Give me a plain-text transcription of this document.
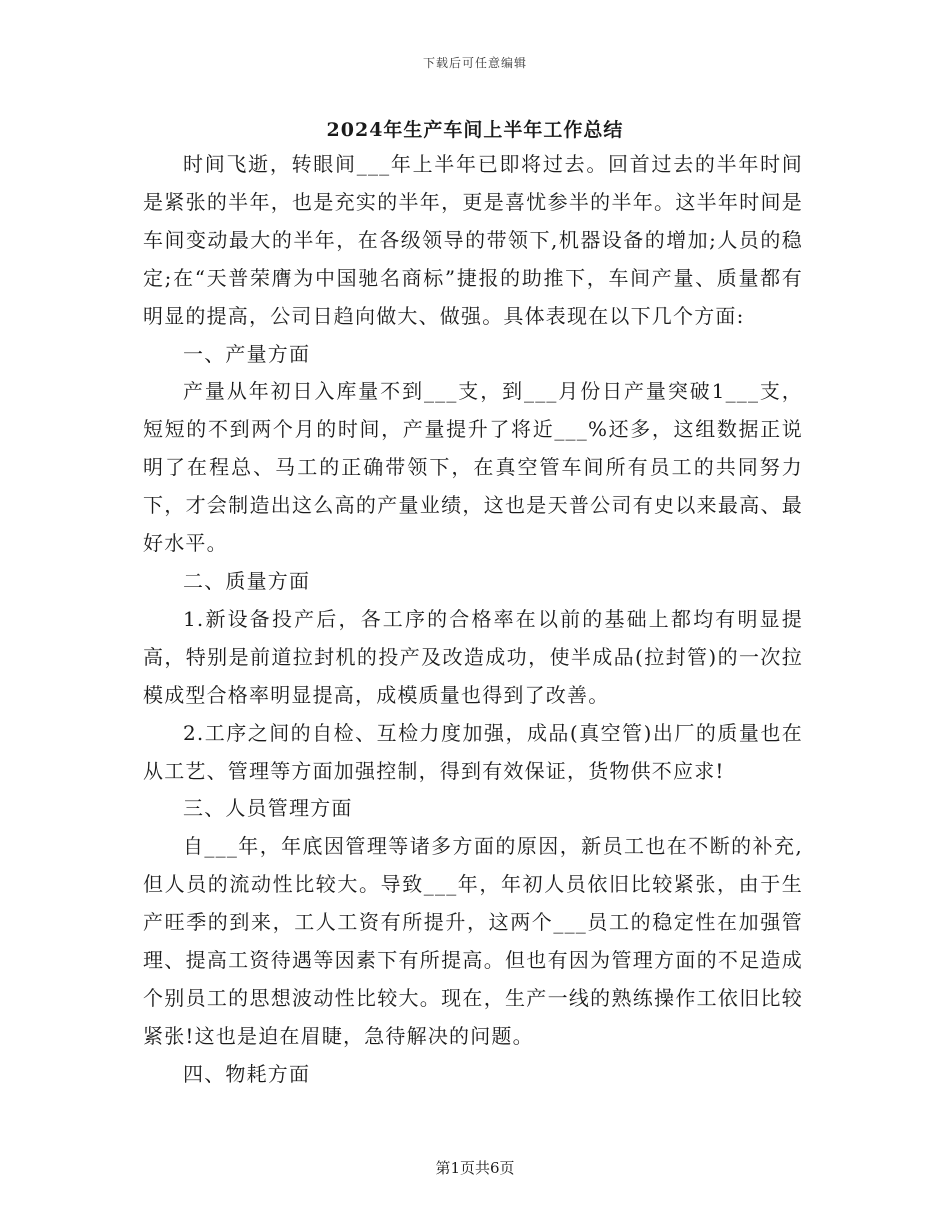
下载后可任意编辑
2024年生产车间上半年工作总结

时间飞逝，转眼间___年上半年已即将过去。回首过去的半年时间是紧张的半年，也是充实的半年，更是喜忧参半的半年。这半年时间是车间变动最大的半年，在各级领导的带领下,机器设备的增加;人员的稳定;在“天普荣膺为中国驰名商标”捷报的助推下，车间产量、质量都有明显的提高，公司日趋向做大、做强。具体表现在以下几个方面:

一、产量方面

产量从年初日入库量不到___支，到___月份日产量突破1___支，短短的不到两个月的时间，产量提升了将近___%还多，这组数据正说明了在程总、马工的正确带领下，在真空管车间所有员工的共同努力下，才会制造出这么高的产量业绩，这也是天普公司有史以来最高、最好水平。

二、质量方面

1.新设备投产后，各工序的合格率在以前的基础上都均有明显提高，特别是前道拉封机的投产及改造成功，使半成品(拉封管)的一次拉模成型合格率明显提高，成模质量也得到了改善。

2.工序之间的自检、互检力度加强，成品(真空管)出厂的质量也在从工艺、管理等方面加强控制，得到有效保证，货物供不应求!

三、人员管理方面

自___年，年底因管理等诸多方面的原因，新员工也在不断的补充,但人员的流动性比较大。导致___年，年初人员依旧比较紧张，由于生产旺季的到来，工人工资有所提升，这两个___员工的稳定性在加强管理、提高工资待遇等因素下有所提高。但也有因为管理方面的不足造成个别员工的思想波动性比较大。现在，生产一线的熟练操作工依旧比较紧张!这也是迫在眉睫，急待解决的问题。

四、物耗方面

第1页共6页
